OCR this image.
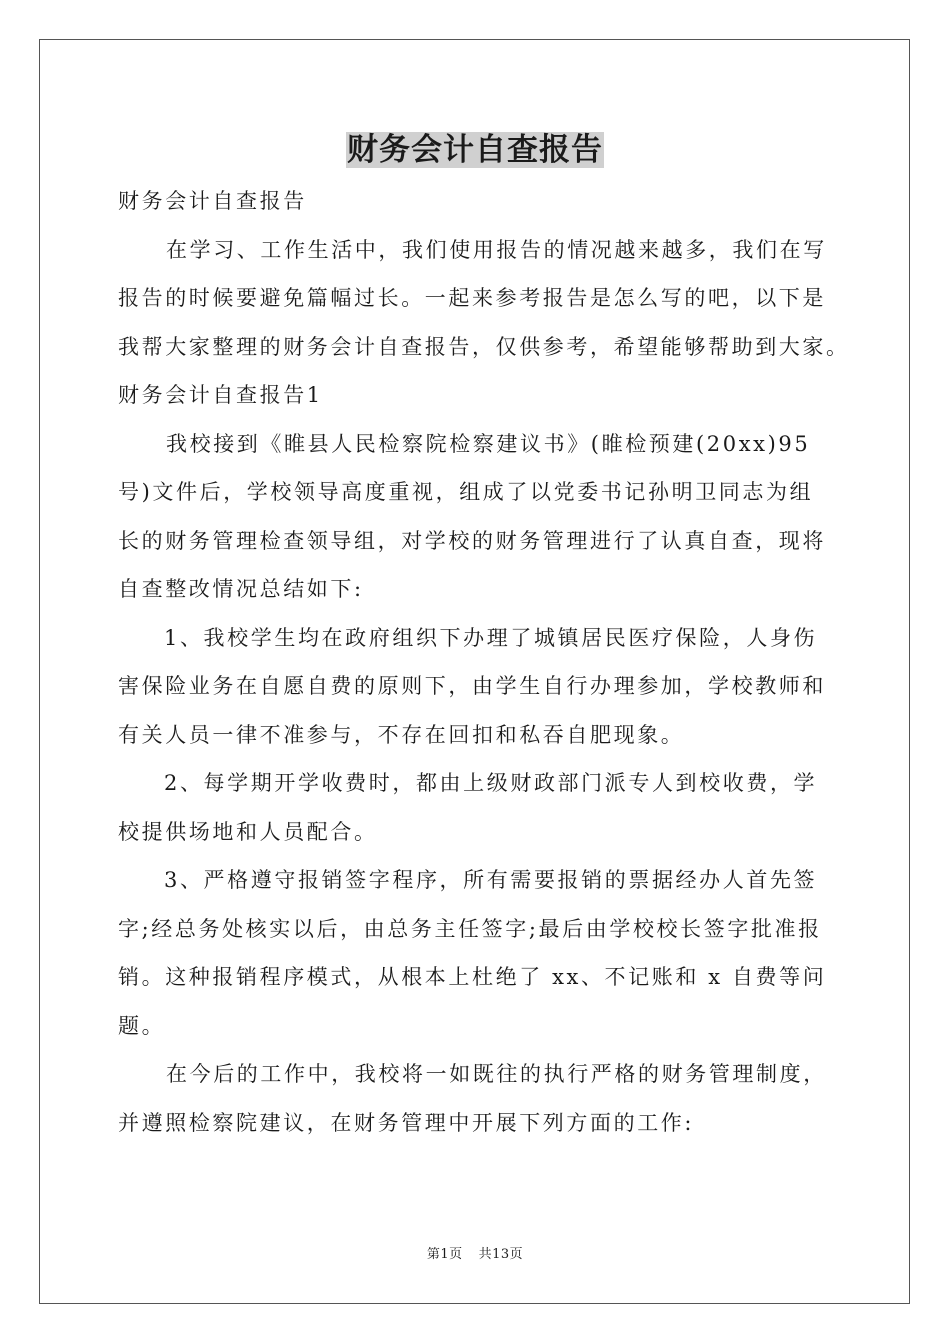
财务会计自查报告
财务会计自查报告
在学习、工作生活中，我们使用报告的情况越来越多，我们在写
报告的时候要避免篇幅过长。一起来参考报告是怎么写的吧，以下是
我帮大家整理的财务会计自查报告，仅供参考，希望能够帮助到大家。
财务会计自查报告1
我校接到《睢县人民检察院检察建议书》(睢检预建(20xx)95
号)文件后，学校领导高度重视，组成了以党委书记孙明卫同志为组
长的财务管理检查领导组，对学校的财务管理进行了认真自查，现将
自查整改情况总结如下:
1、我校学生均在政府组织下办理了城镇居民医疗保险，人身伤
害保险业务在自愿自费的原则下，由学生自行办理参加，学校教师和
有关人员一律不准参与，不存在回扣和私吞自肥现象。
2、每学期开学收费时，都由上级财政部门派专人到校收费，学
校提供场地和人员配合。
3、严格遵守报销签字程序，所有需要报销的票据经办人首先签
字;经总务处核实以后，由总务主任签字;最后由学校校长签字批准报
销。这种报销程序模式，从根本上杜绝了 xx、不记账和 x 自费等问
题。
在今后的工作中，我校将一如既往的执行严格的财务管理制度，
并遵照检察院建议，在财务管理中开展下列方面的工作:
第1页 共13页
